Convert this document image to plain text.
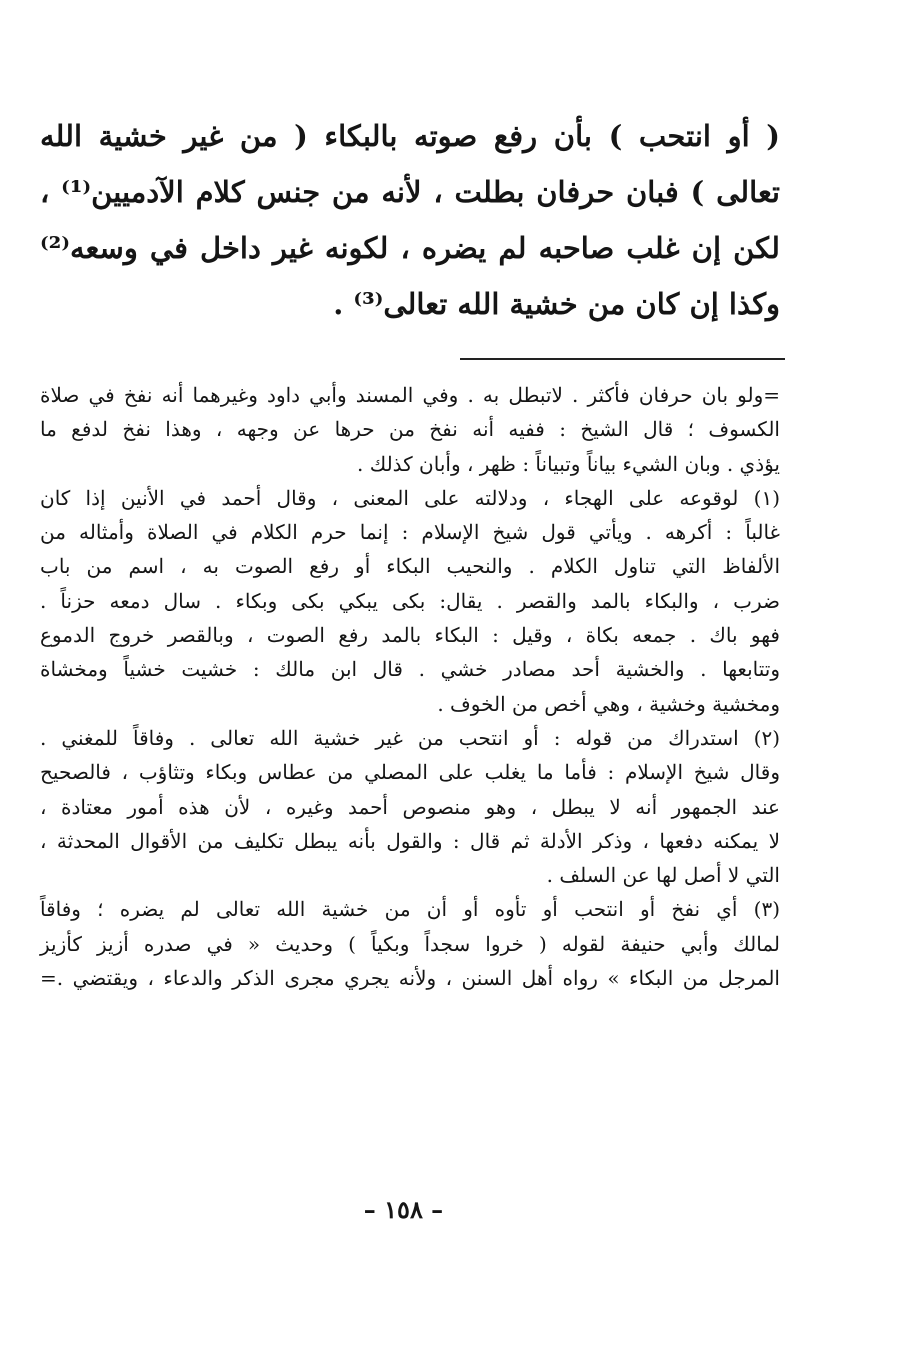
( أو انتحب ) بأن رفع صوته بالبكاء ( من غير خشية الله
تعالى ) فبان حرفان بطلت ، لأنه من جنس كلام الآدميين⁽¹⁾ ،
لكن إن غلب صاحبه لم يضره ، لكونه غير داخل في وسعه⁽²⁾
وكذا إن كان من خشية الله تعالى⁽³⁾ .
=ولو بان حرفان فأكثر . لاتبطل به . وفي المسند وأبي داود وغيرهما أنه نفخ في صلاة
الكسوف ؛ قال الشيخ : ففيه أنه نفخ من حرها عن وجهه ، وهذا نفخ لدفع ما
يؤذي . وبان الشيء بياناً وتبياناً : ظهر ، وأبان كذلك .
(١) لوقوعه على الهجاء ، ودلالته على المعنى ، وقال أحمد في الأنين إذا كان
غالباً : أكرهه . ويأتي قول شيخ الإسلام : إنما حرم الكلام في الصلاة وأمثاله من
الألفاظ التي تناول الكلام . والنحيب البكاء أو رفع الصوت به ، اسم من باب
ضرب ، والبكاء بالمد والقصر . يقال: بكى يبكي بكى وبكاء . سال دمعه حزناً .
فهو باك . جمعه بكاة ، وقيل : البكاء بالمد رفع الصوت ، وبالقصر خروج الدموع
وتتابعها . والخشية أحد مصادر خشي . قال ابن مالك : خشيت خشياً ومخشاة
ومخشية وخشية ، وهي أخص من الخوف .
(٢) استدراك من قوله : أو انتحب من غير خشية الله تعالى . وفاقاً للمغني .
وقال شيخ الإسلام : فأما ما يغلب على المصلي من عطاس وبكاء وتثاؤب ، فالصحيح
عند الجمهور أنه لا يبطل ، وهو منصوص أحمد وغيره ، لأن هذه أمور معتادة ،
لا يمكنه دفعها ، وذكر الأدلة ثم قال : والقول بأنه يبطل تكليف من الأقوال المحدثة ،
التي لا أصل لها عن السلف .
(٣) أي نفخ أو انتحب أو تأوه أو أن من خشية الله تعالى لم يضره ؛ وفاقاً
لمالك وأبي حنيفة لقوله ( خروا سجداً وبكياً ) وحديث « في صدره أزيز كأزيز
المرجل من البكاء » رواه أهل السنن ، ولأنه يجري مجرى الذكر والدعاء ، ويقتضي .=
– ١٥٨ –
